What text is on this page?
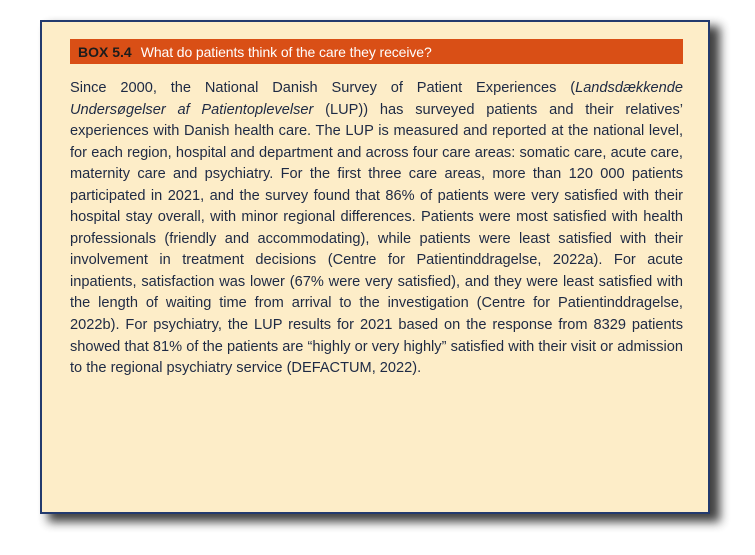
BOX 5.4 What do patients think of the care they receive?

Since 2000, the National Danish Survey of Patient Experiences (Landsdækkende Undersøgelser af Patientoplevelser (LUP)) has surveyed patients and their relatives’ experiences with Danish health care. The LUP is measured and reported at the national level, for each region, hospital and department and across four care areas: somatic care, acute care, maternity care and psychiatry. For the first three care areas, more than 120 000 patients participated in 2021, and the survey found that 86% of patients were very satisfied with their hospital stay overall, with minor regional differences. Patients were most satisfied with health professionals (friendly and accommodating), while patients were least satisfied with their involvement in treatment decisions (Centre for Patientinddragelse, 2022a). For acute inpatients, satisfaction was lower (67% were very satisfied), and they were least satisfied with the length of waiting time from arrival to the investigation (Centre for Patientinddragelse, 2022b). For psychiatry, the LUP results for 2021 based on the response from 8329 patients showed that 81% of the patients are “highly or very highly” satisfied with their visit or admission to the regional psychiatry service (DEFACTUM, 2022).
